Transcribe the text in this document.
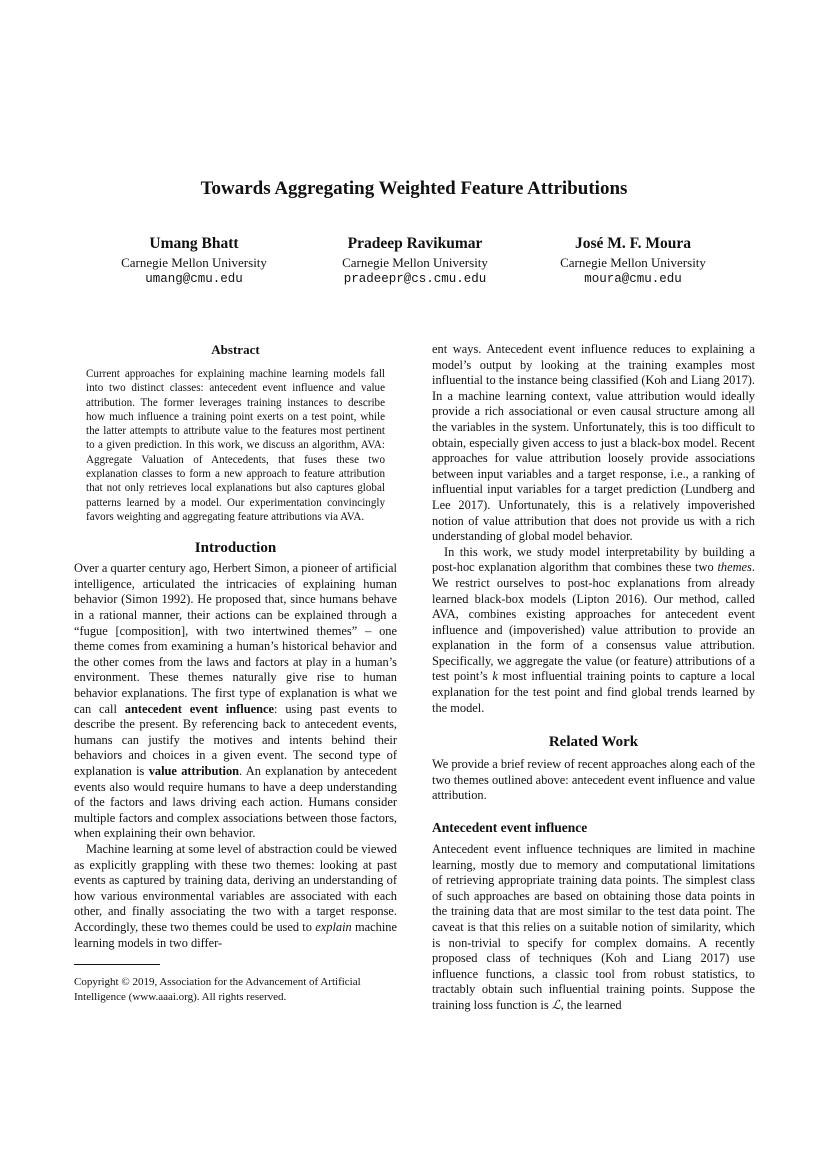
Towards Aggregating Weighted Feature Attributions
Umang Bhatt
Carnegie Mellon University
umang@cmu.edu
Pradeep Ravikumar
Carnegie Mellon University
pradeepr@cs.cmu.edu
José M. F. Moura
Carnegie Mellon University
moura@cmu.edu
Abstract

Current approaches for explaining machine learning models fall into two distinct classes: antecedent event influence and value attribution. The former leverages training instances to describe how much influence a training point exerts on a test point, while the latter attempts to attribute value to the features most pertinent to a given prediction. In this work, we discuss an algorithm, AVA: Aggregate Valuation of Antecedents, that fuses these two explanation classes to form a new approach to feature attribution that not only retrieves local explanations but also captures global patterns learned by a model. Our experimentation convincingly favors weighting and aggregating feature attributions via AVA.

Introduction

Over a quarter century ago, Herbert Simon, a pioneer of artificial intelligence, articulated the intricacies of explaining human behavior (Simon 1992). He proposed that, since humans behave in a rational manner, their actions can be explained through a “fugue [composition], with two intertwined themes” – one theme comes from examining a human’s historical behavior and the other comes from the laws and factors at play in a human’s environment. These themes naturally give rise to human behavior explanations. The first type of explanation is what we can call antecedent event influence: using past events to describe the present. By referencing back to antecedent events, humans can justify the motives and intents behind their behaviors and choices in a given event. The second type of explanation is value attribution. An explanation by antecedent events also would require humans to have a deep understanding of the factors and laws driving each action. Humans consider multiple factors and complex associations between those factors, when explaining their own behavior.

Machine learning at some level of abstraction could be viewed as explicitly grappling with these two themes: looking at past events as captured by training data, deriving an understanding of how various environmental variables are associated with each other, and finally associating the two with a target response. Accordingly, these two themes could be used to explain machine learning models in two differ-

Copyright © 2019, Association for the Advancement of Artificial Intelligence (www.aaai.org). All rights reserved.

ent ways. Antecedent event influence reduces to explaining a model’s output by looking at the training examples most influential to the instance being classified (Koh and Liang 2017). In a machine learning context, value attribution would ideally provide a rich associational or even causal structure among all the variables in the system. Unfortunately, this is too difficult to obtain, especially given access to just a black-box model. Recent approaches for value attribution loosely provide associations between input variables and a target response, i.e., a ranking of influential input variables for a target prediction (Lundberg and Lee 2017). Unfortunately, this is a relatively impoverished notion of value attribution that does not provide us with a rich understanding of global model behavior.

In this work, we study model interpretability by building a post-hoc explanation algorithm that combines these two themes. We restrict ourselves to post-hoc explanations from already learned black-box models (Lipton 2016). Our method, called AVA, combines existing approaches for antecedent event influence and (impoverished) value attribution to provide an explanation in the form of a consensus value attribution. Specifically, we aggregate the value (or feature) attributions of a test point’s k most influential training points to capture a local explanation for the test point and find global trends learned by the model.

Related Work

We provide a brief review of recent approaches along each of the two themes outlined above: antecedent event influence and value attribution.

Antecedent event influence

Antecedent event influence techniques are limited in machine learning, mostly due to memory and computational limitations of retrieving appropriate training data points. The simplest class of such approaches are based on obtaining those data points in the training data that are most similar to the test data point. The caveat is that this relies on a suitable notion of similarity, which is non-trivial to specify for complex domains. A recently proposed class of techniques (Koh and Liang 2017) use influence functions, a classic tool from robust statistics, to tractably obtain such influential training points. Suppose the training loss function is ℒ, the learned
